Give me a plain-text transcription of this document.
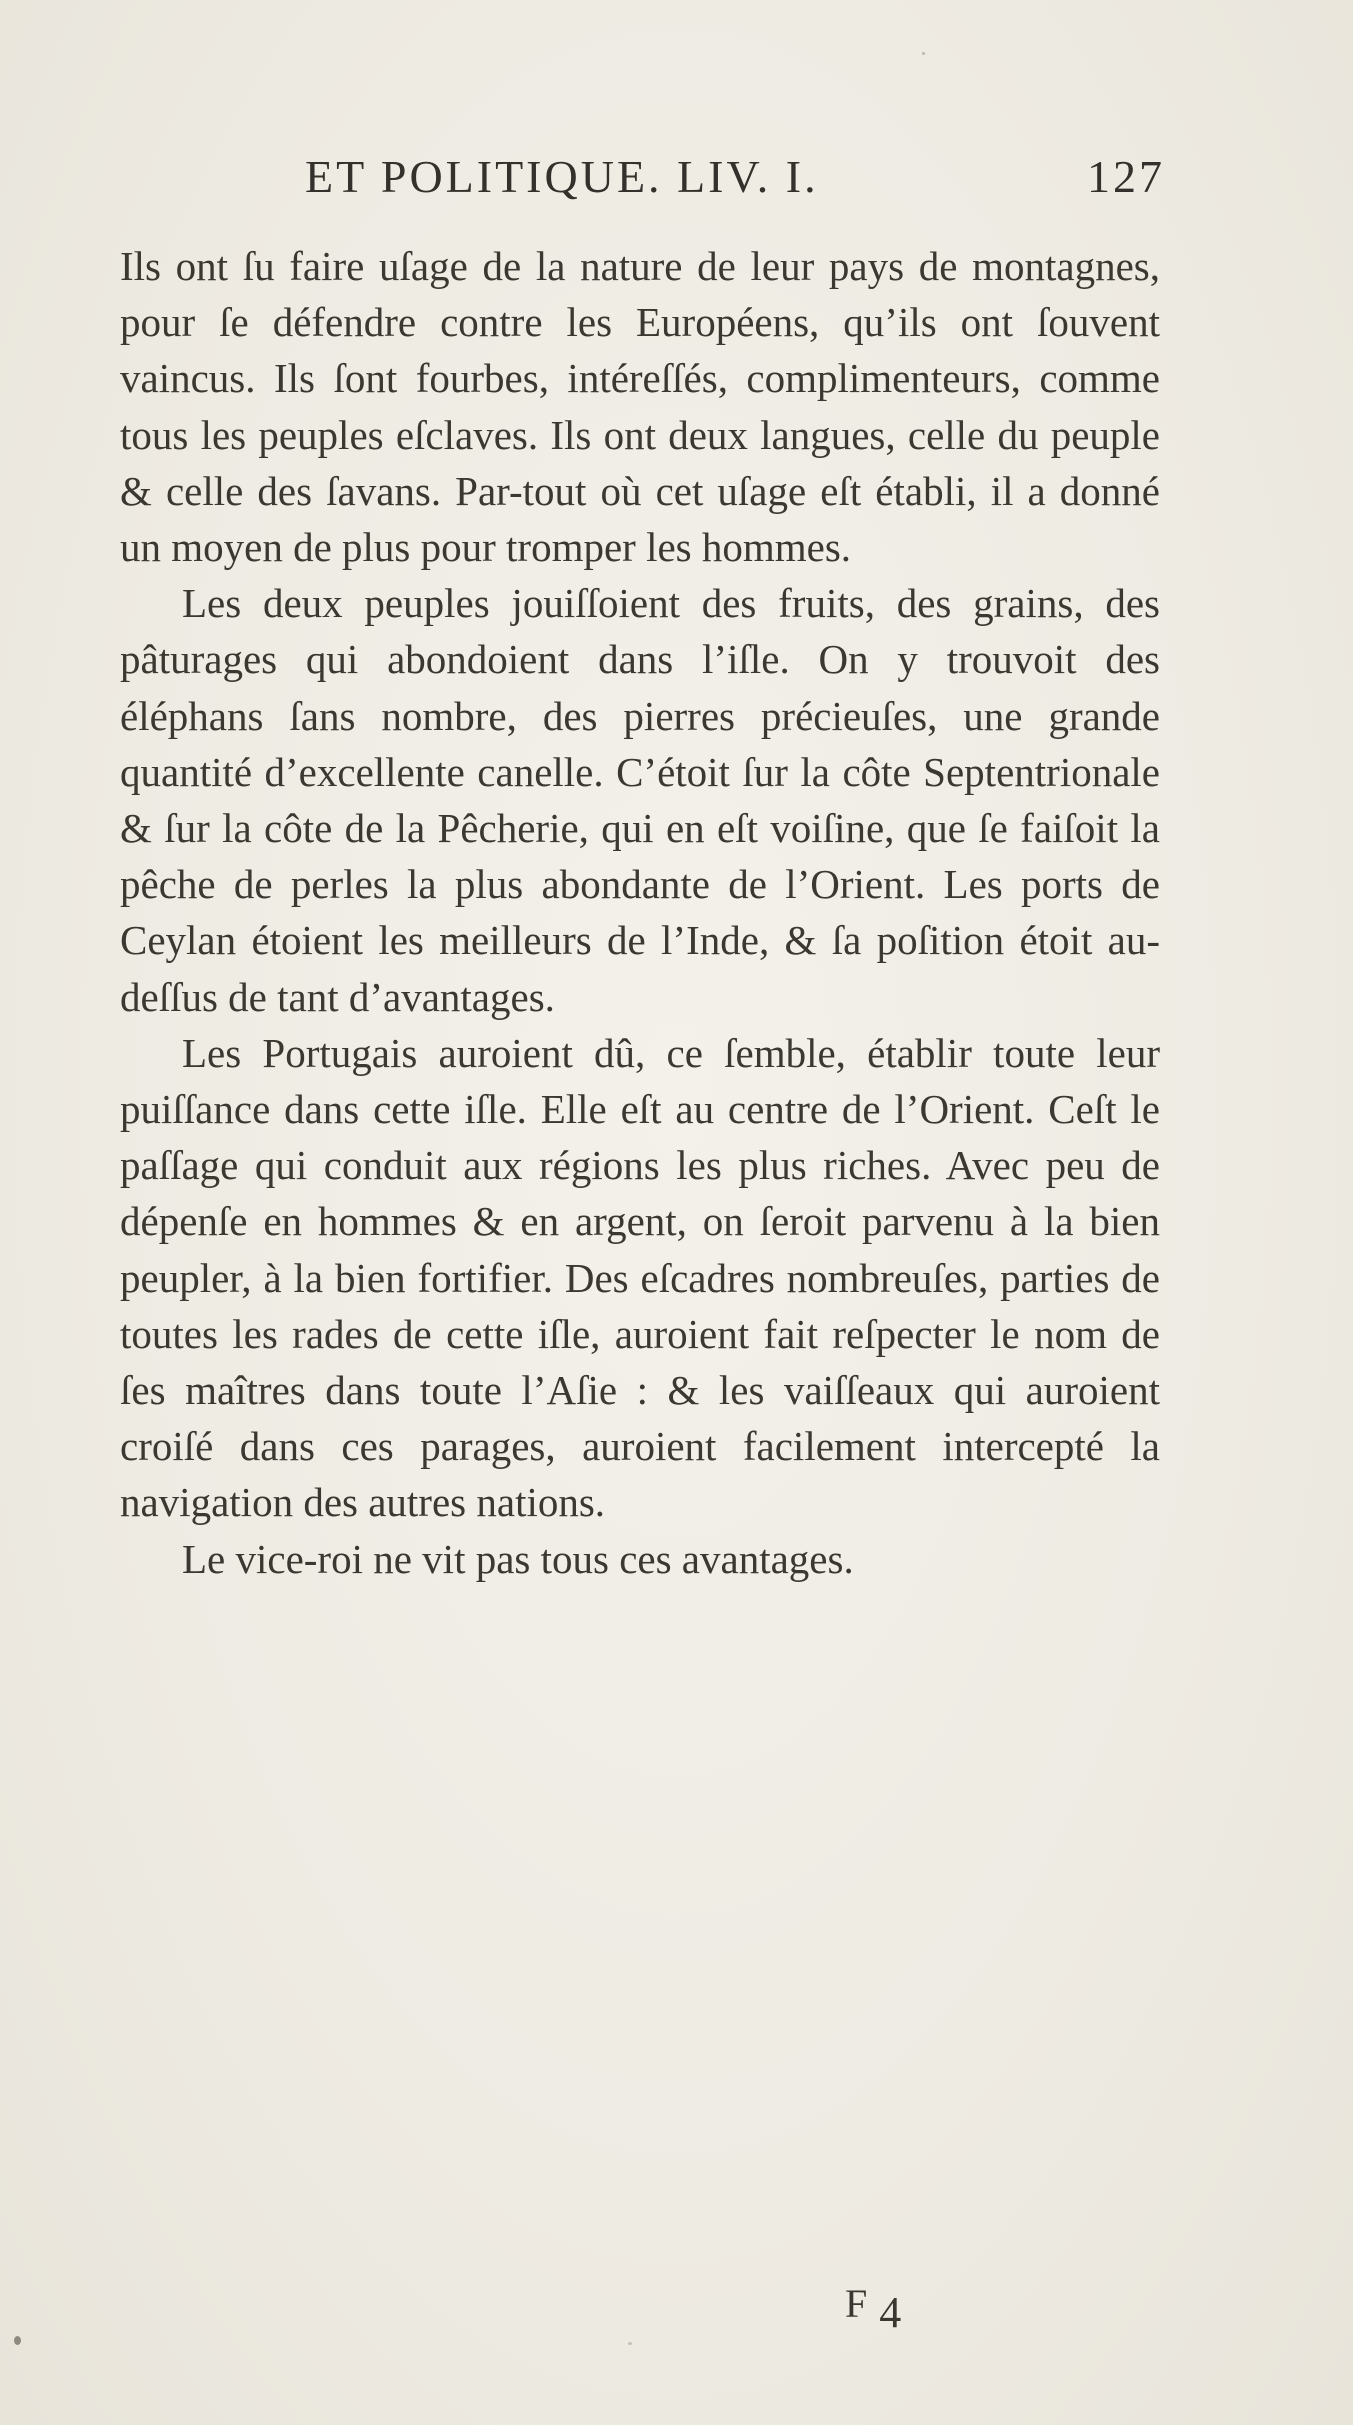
ET POLITIQUE. LIV. I.	127

Ils ont ſu faire uſage de la nature de leur pays de montagnes, pour ſe défendre contre les Européens, qu’ils ont ſouvent vaincus. Ils ſont fourbes, intéreſſés, complimenteurs, comme tous les peuples eſclaves. Ils ont deux langues, celle du peuple & celle des ſavans. Par-tout où cet uſage eſt établi, il a donné un moyen de plus pour tromper les hommes.

Les deux peuples jouiſſoient des fruits, des grains, des pâturages qui abondoient dans l’iſle. On y trouvoit des éléphans ſans nombre, des pierres précieuſes, une grande quantité d’excellente canelle. C’étoit ſur la côte Septentrionale & ſur la côte de la Pêcherie, qui en eſt voiſine, que ſe faiſoit la pêche de perles la plus abondante de l’Orient. Les ports de Ceylan étoient les meilleurs de l’Inde, & ſa poſition étoit au-deſſus de tant d’avantages.

Les Portugais auroient dû, ce ſemble, établir toute leur puiſſance dans cette iſle. Elle eſt au centre de l’Orient. Ceſt le paſſage qui conduit aux régions les plus riches. Avec peu de dépenſe en hommes & en argent, on ſeroit parvenu à la bien peupler, à la bien fortifier. Des eſcadres nombreuſes, parties de toutes les rades de cette iſle, auroient fait reſpecter le nom de ſes maîtres dans toute l’Aſie : & les vaiſſeaux qui auroient croiſé dans ces parages, auroient facilement intercepté la navigation des autres nations.

Le vice-roi ne vit pas tous ces avantages.

F 4
